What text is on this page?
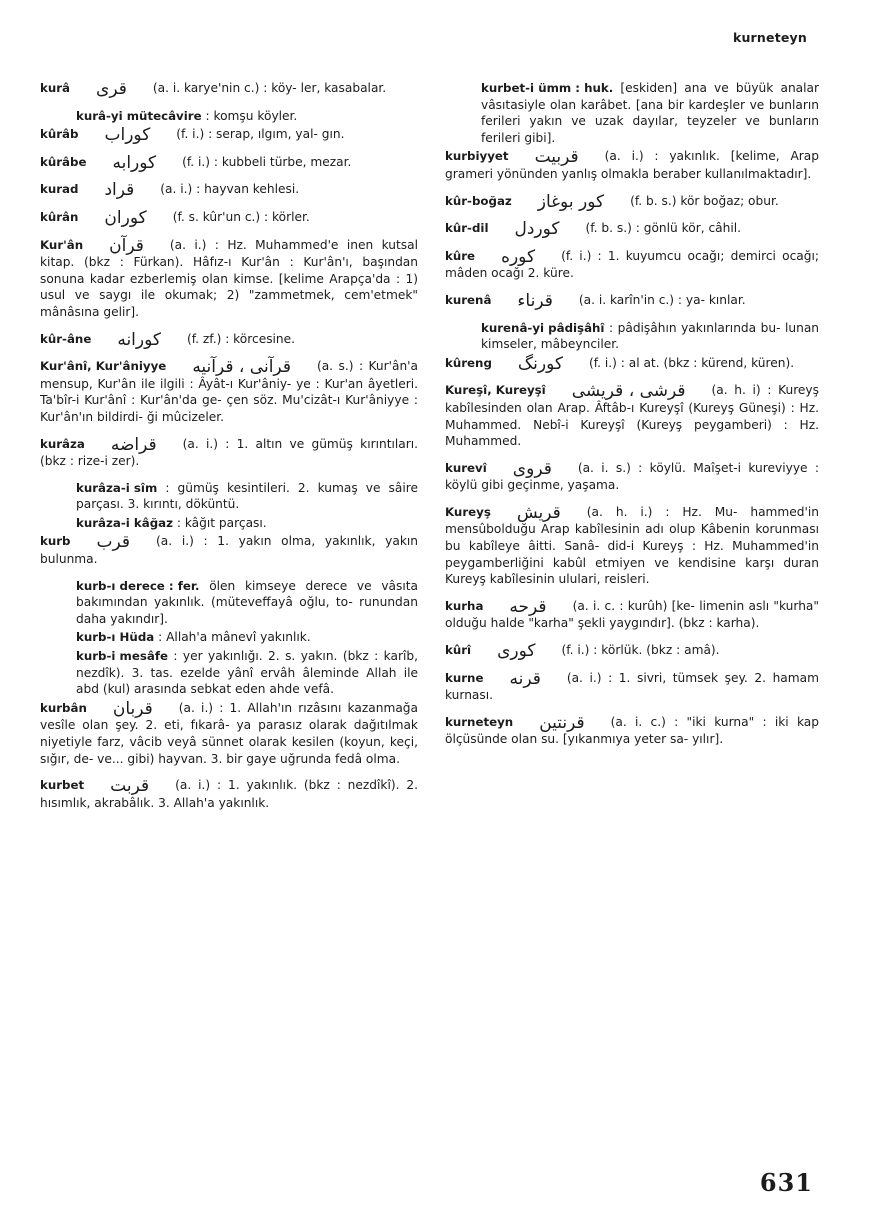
kurneteyn
kurâ قرى (a. i. karye'nin c.) : köy- ler, kasabalar.
kurâ-yi mütecâvire : komşu köyler.
kûrâb كوراب (f. i.) : serap, ılgım, yal- gın.
kûrâbe كورابه (f. i.) : kubbeli türbe, mezar.
kurad قراد (a. i.) : hayvan kehlesi.
kûrân كوران (f. s. kûr'un c.) : körler.
Kur'ân قرآن (a. i.) : Hz. Muhammed'e inen kutsal kitap. (bkz : Fürkan). Hâfız-ı Kur'ân : Kur'ân'ı, başından sonuna kadar ezberlemiş olan kimse. [kelime Arapça'da : 1) usul ve saygı ile okumak; 2) "zammetmek, cem'etmek" mânâsına gelir].
kûr-âne كورانه (f. zf.) : körcesine.
Kur'ânî, Kur'âniyye قرآنى ، قرآنيه (a. s.) : Kur'ân'a mensup, Kur'ân ile ilgili : Âyât-ı Kur'âniy- ye : Kur'an âyetleri. Ta'bîr-i Kur'ânî : Kur'ân'da ge- çen söz. Mu'cizât-ı Kur'âniyye : Kur'ân'ın bildirdi- ği mûcizeler.
kurâza قراضه (a. i.) : 1. altın ve gümüş kırıntıları. (bkz : rize-i zer).
kurâza-i sîm : gümüş kesintileri. 2. kumaş ve sâire parçası. 3. kırıntı, döküntü.
kurâza-i kâğaz : kâğıt parçası.
kurb قرب (a. i.) : 1. yakın olma, yakınlık, yakın bulunma.
kurb-ı derece : fer. ölen kimseye derece ve vâsıta bakımından yakınlık. (müteveffayâ oğlu, to- runundan daha yakındır].
kurb-ı Hüda : Allah'a mânevî yakınlık.
kurb-i mesâfe : yer yakınlığı. 2. s. yakın. (bkz : karîb, nezdîk). 3. tas. ezelde yânî ervâh âleminde Allah ile abd (kul) arasında sebkat eden ahde vefâ.
kurbân قربان (a. i.) : 1. Allah'ın rızâsını kazanmağa vesîle olan şey. 2. eti, fıkarâ- ya parasız olarak dağıtılmak niyetiyle farz, vâcib veyâ sünnet olarak kesilen (koyun, keçi, sığır, de- ve... gibi) hayvan. 3. bir gaye uğrunda fedâ olma.
kurbet قربت (a. i.) : 1. yakınlık. (bkz : nezdîkî). 2. hısımlık, akrabâlık. 3. Allah'a yakınlık.
kurbet-i ümm : huk. [eskiden] ana ve büyük analar vâsıtasiyle olan karâbet. [ana bir kardeşler ve bunların ferileri yakın ve uzak dayılar, teyzeler ve bunların ferileri gibi].
kurbiyyet قربيت (a. i.) : yakınlık. [kelime, Arap grameri yönünden yanlış olmakla beraber kullanılmaktadır].
kûr-boğaz كور بوغاز (f. b. s.) kör boğaz; obur.
kûr-dil كوردل (f. b. s.) : gönlü kör, câhil.
kûre كوره (f. i.) : 1. kuyumcu ocağı; demirci ocağı; mâden ocağı 2. küre.
kurenâ قرناء (a. i. karîn'in c.) : ya- kınlar.
kurenâ-yi pâdişâhî : pâdişâhın yakınlarında bu- lunan kimseler, mâbeynciler.
kûreng كورنگ (f. i.) : al at. (bkz : kürend, küren).
Kureşî, Kureyşî قرشى ، قريشى (a. h. i) : Kureyş kabîlesinden olan Arap. Âftâb-ı Kureyşî (Kureyş Güneşi) : Hz. Muhammed. Nebî-i Kureyşî (Kureyş peygamberi) : Hz. Muhammed.
kurevî قروى (a. i. s.) : köylü. Maîşet-i kureviyye : köylü gibi geçinme, yaşama.
Kureyş قريش (a. h. i.) : Hz. Mu- hammed'in mensûbolduğu Arap kabîlesinin adı olup Kâbenin korunması bu kabîleye âitti. Sanâ- did-i Kureyş : Hz. Muhammed'in peygamberliğini kabûl etmiyen ve kendisine karşı duran Kureyş kabîlesinin ululari, reisleri.
kurha قرحه (a. i. c. : kurûh) [ke- limenin aslı "kurha" olduğu halde "karha" şekli yaygındır]. (bkz : karha).
kûrî كورى (f. i.) : körlük. (bkz : amâ).
kurne قرنه (a. i.) : 1. sivri, tümsek şey. 2. hamam kurnası.
kurneteyn قرنتين (a. i. c.) : "iki kurna" : iki kap ölçüsünde olan su. [yıkanmıya yeter sa- yılır].
631
